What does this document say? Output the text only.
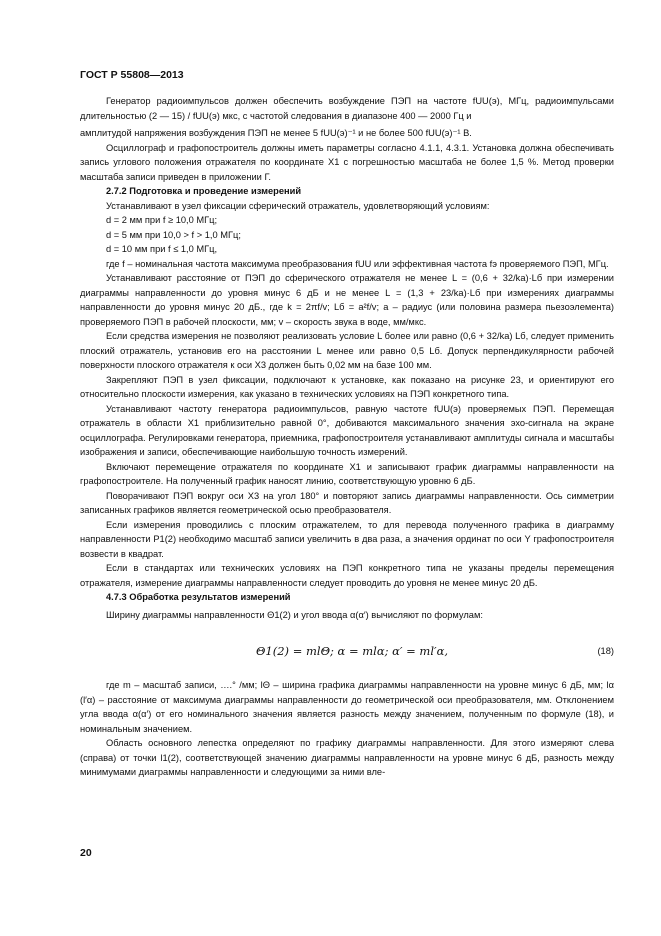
ГОСТ Р 55808—2013

Генератор радиоимпульсов должен обеспечить возбуждение ПЭП на частоте fUU(э), МГц, радиоимпульсами длительностью (2 — 15) / fUU(э) мкс, с частотой следования в диапазоне 400 — 2000 Гц и

амплитудой напряжения возбуждения ПЭП не менее 5 fUU(э)⁻¹ и не более 500 fUU(э)⁻¹ В.

Осциллограф и графопостроитель должны иметь параметры согласно 4.1.1, 4.3.1. Установка должна обеспечивать запись углового положения отражателя по координате X1 с погрешностью масштаба не более 1,5 %. Метод проверки масштаба записи приведен в приложении Г.

2.7.2 Подготовка и проведение измерений

Устанавливают в узел фиксации сферический отражатель, удовлетворяющий условиям:

d = 2 мм при f ≥ 10,0 МГц;

d = 5 мм при 10,0 > f > 1,0 МГц;

d = 10 мм при f ≤ 1,0 МГц,

где f – номинальная частота максимума преобразования fUU или эффективная частота fэ проверяемого ПЭП, МГц.

Устанавливают расстояние от ПЭП до сферического отражателя не менее L = (0,6 + 32/ka)·Lб при измерении диаграммы направленности до уровня минус 6 дБ и не менее L = (1,3 + 23/ka)·Lб при измерениях диаграммы направленности до уровня минус 20 дБ., где k = 2πf/v; Lб = a²f/v; a – радиус (или половина размера пьезоэлемента) проверяемого ПЭП в рабочей плоскости, мм; v – скорость звука в воде, мм/мкс.

Если средства измерения не позволяют реализовать условие L более или равно (0,6 + 32/ka) Lб, следует применить плоский отражатель, установив его на расстоянии L менее или равно 0,5 Lб. Допуск перпендикулярности рабочей поверхности плоского отражателя к оси X3 должен быть 0,02 мм на базе 100 мм.

Закрепляют ПЭП в узел фиксации, подключают к установке, как показано на рисунке 23, и ориентируют его относительно плоскости измерения, как указано в технических условиях на ПЭП конкретного типа.

Устанавливают частоту генератора радиоимпульсов, равную частоте fUU(э) проверяемых ПЭП. Перемещая отражатель в области X1 приблизительно равной 0°, добиваются максимального значения эхо-сигнала на экране осциллографа. Регулировками генератора, приемника, графопостроителя устанавливают амплитуды сигнала и масштабы изображения и записи, обеспечивающие наибольшую точность измерений.

Включают перемещение отражателя по координате X1 и записывают график диаграммы направленности на графопостроителе. На полученный график наносят линию, соответствующую уровню 6 дБ.

Поворачивают ПЭП вокруг оси X3 на угол 180° и повторяют запись диаграммы направленности. Ось симметрии записанных графиков является геометрической осью преобразователя.

Если измерения проводились с плоским отражателем, то для перевода полученного графика в диаграмму направленности P1(2) необходимо масштаб записи увеличить в два раза, а значения ординат по оси Y графопостроителя возвести в квадрат.

Если в стандартах или технических условиях на ПЭП конкретного типа не указаны пределы перемещения отражателя, измерение диаграммы направленности следует проводить до уровня не менее минус 20 дБ.

4.7.3 Обработка результатов измерений

Ширину диаграммы направленности Θ1(2) и угол ввода α(α′) вычисляют по формулам:

Θ1(2) = mlΘ; α = mlα; α′ = ml′α,	(18)

где m – масштаб записи, ….° /мм; lΘ – ширина графика диаграммы направленности на уровне минус 6 дБ, мм; lα (l′α) – расстояние от максимума диаграммы направленности до геометрической оси преобразователя, мм. Отклонением угла ввода α(α′) от его номинального значения является разность между значением, полученным по формуле (18), и номинальным значением.

Область основного лепестка определяют по графику диаграммы направленности. Для этого измеряют слева (справа) от точки l1(2), соответствующей значению диаграммы направленности на уровне минус 6 дБ, разность между минимумами диаграммы направленности и следующими за ними вле-

20
